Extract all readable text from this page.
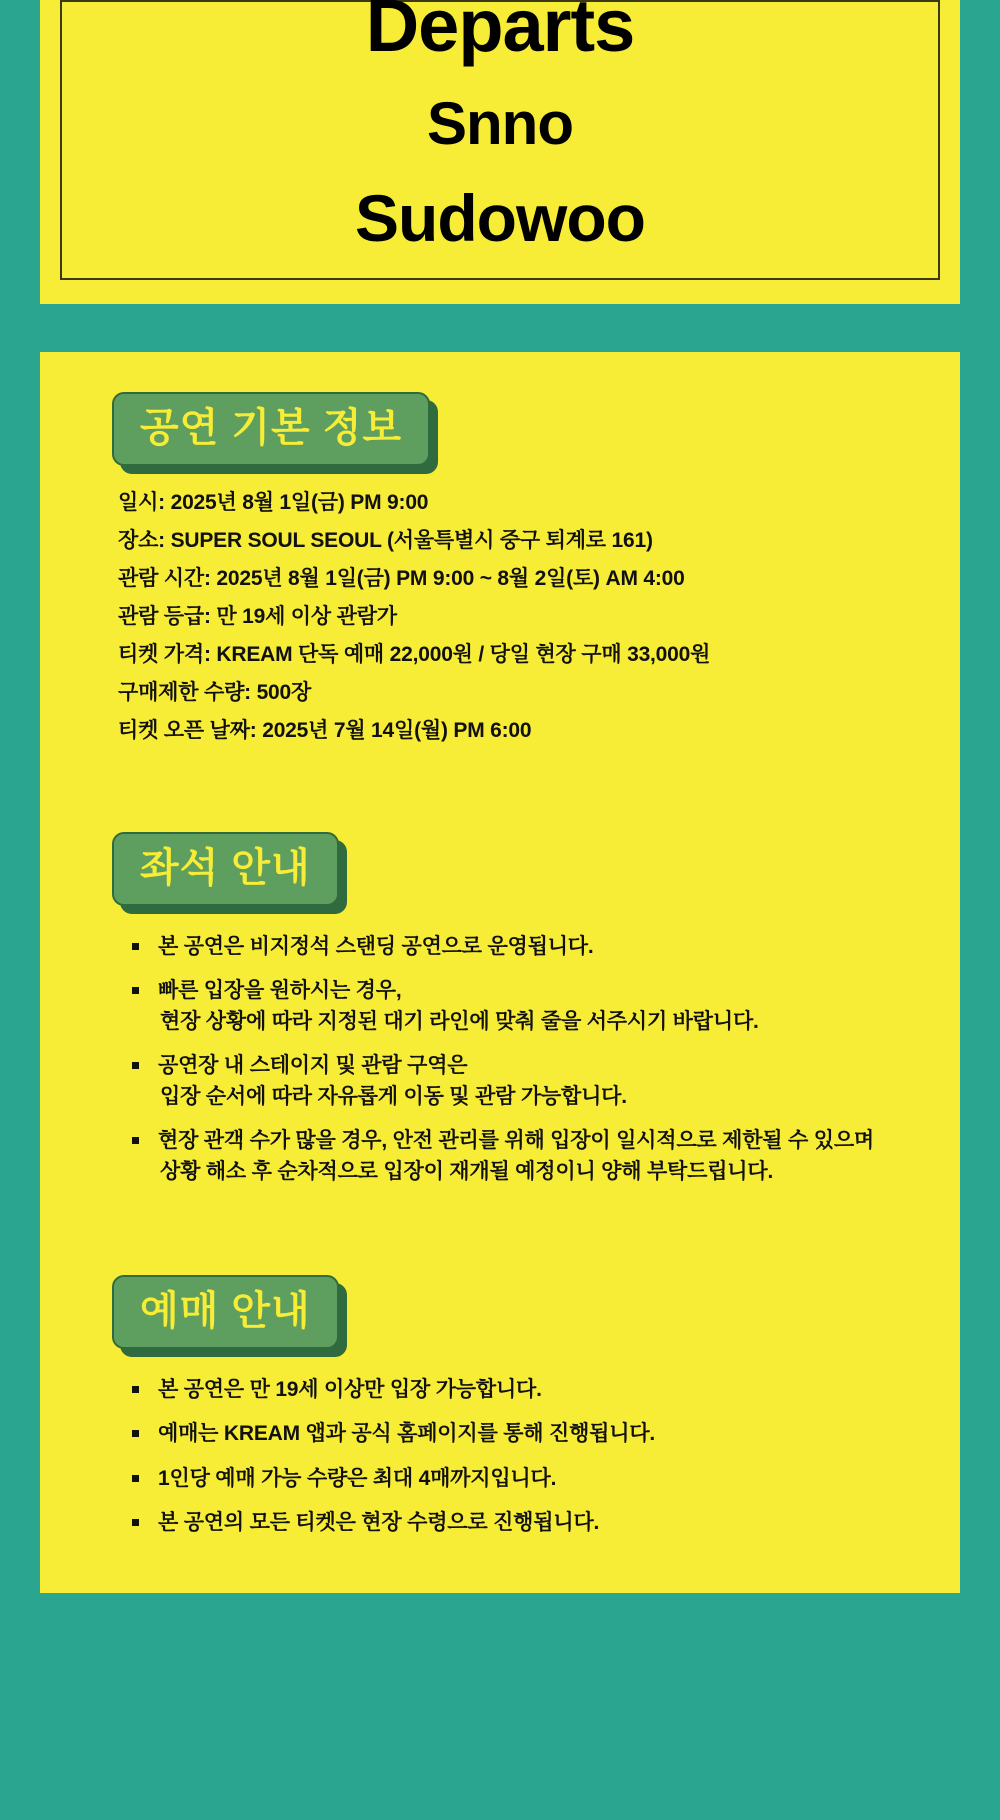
Departs
Snno
Sudowoo
공연 기본 정보
일시: 2025년 8월 1일(금) PM 9:00
장소: SUPER SOUL SEOUL (서울특별시 중구 퇴계로 161)
관람 시간: 2025년 8월 1일(금) PM 9:00 ~ 8월 2일(토) AM 4:00
관람 등급: 만 19세 이상 관람가
티켓 가격: KREAM 단독 예매 22,000원 / 당일 현장 구매 33,000원
구매제한 수량: 500장
티켓 오픈 날짜: 2025년 7월 14일(월) PM 6:00
좌석 안내
본 공연은 비지정석 스탠딩 공연으로 운영됩니다.
빠른 입장을 원하시는 경우,
현장 상황에 따라 지정된 대기 라인에 맞춰 줄을 서주시기 바랍니다.
공연장 내 스테이지 및 관람 구역은
입장 순서에 따라 자유롭게 이동 및 관람 가능합니다.
현장 관객 수가 많을 경우, 안전 관리를 위해 입장이 일시적으로 제한될 수 있으며
상황 해소 후 순차적으로 입장이 재개될 예정이니 양해 부탁드립니다.
예매 안내
본 공연은 만 19세 이상만 입장 가능합니다.
예매는 KREAM 앱과 공식 홈페이지를 통해 진행됩니다.
1인당 예매 가능 수량은 최대 4매까지입니다.
본 공연의 모든 티켓은 현장 수령으로 진행됩니다.
